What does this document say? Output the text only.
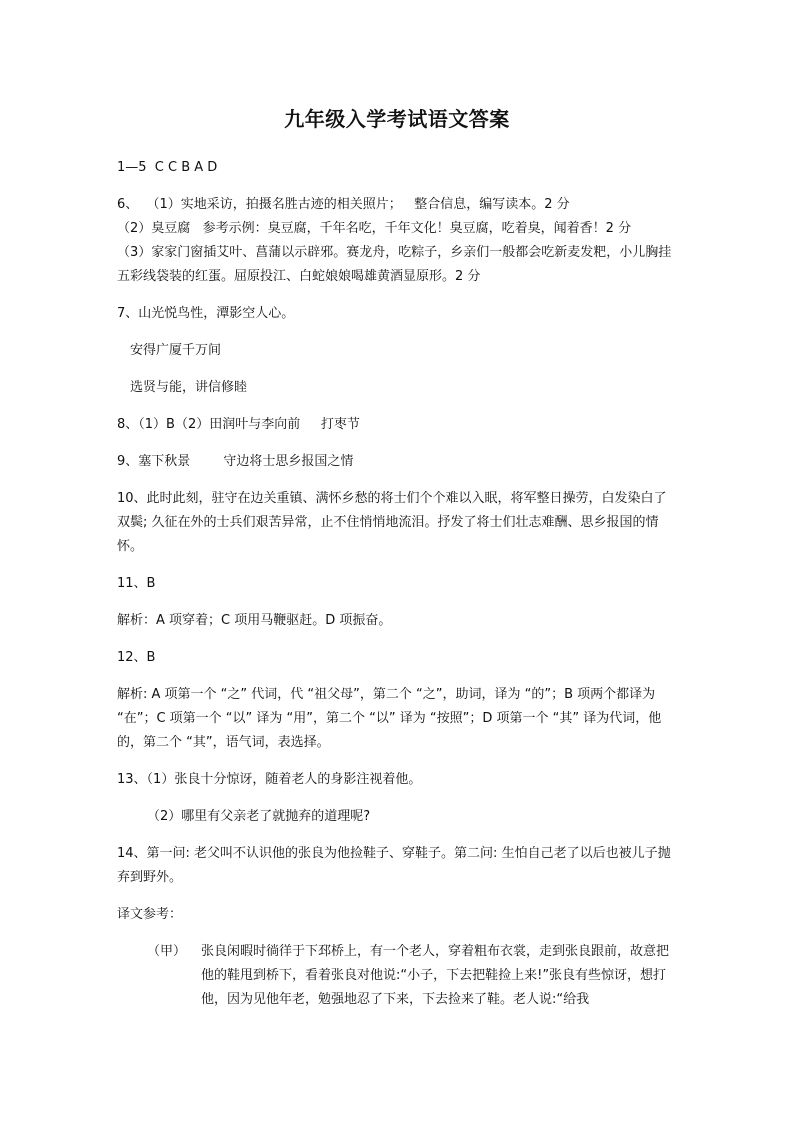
九年级入学考试语文答案

1—5  C C B A D

6、  （1）实地采访，拍摄名胜古迹的相关照片；   整合信息，编写读本。2 分

（2）臭豆腐   参考示例：臭豆腐，千年名吃，千年文化！臭豆腐，吃着臭，闻着香！2 分

（3）家家门窗插艾叶、菖蒲以示辟邪。赛龙舟，吃粽子，乡亲们一般都会吃新麦发粑，小儿胸挂五彩线袋装的红蛋。屈原投江、白蛇娘娘喝雄黄酒显原形。2 分

7、山光悦鸟性，潭影空人心。

安得广厦千万间

选贤与能，讲信修睦

8、（1）B（2）田润叶与李向前     打枣节

9、塞下秋景        守边将士思乡报国之情

10、此时此刻，驻守在边关重镇、满怀乡愁的将士们个个难以入眠，将军整日操劳，白发染白了双鬓; 久征在外的士兵们艰苦异常，止不住悄悄地流泪。抒发了将士们壮志难酬、思乡报国的情怀。

11、B

解析：A 项穿着；C 项用马鞭驱赶。D 项振奋。

12、B

解析: A 项第一个 “之” 代词，代 “祖父母”，第二个 “之”，助词，译为 “的”；B 项两个都译为 “在”；C 项第一个 “以” 译为 “用”，第二个 “以” 译为 “按照”；D 项第一个 “其” 译为代词，他的，第二个 “其”，语气词，表选择。

13、（1）张良十分惊讶，随着老人的身影注视着他。

（2）哪里有父亲老了就抛弃的道理呢?

14、第一问: 老父叫不认识他的张良为他捡鞋子、穿鞋子。第二问: 生怕自己老了以后也被儿子抛弃到野外。

译文参考：

（甲）	张良闲暇时徜徉于下邳桥上，有一个老人，穿着粗布衣裳，走到张良跟前，故意把他的鞋甩到桥下，看着张良对他说:“小子，下去把鞋捡上来!”张良有些惊讶，想打他，因为见他年老，勉强地忍了下来，下去捡来了鞋。老人说:“给我
